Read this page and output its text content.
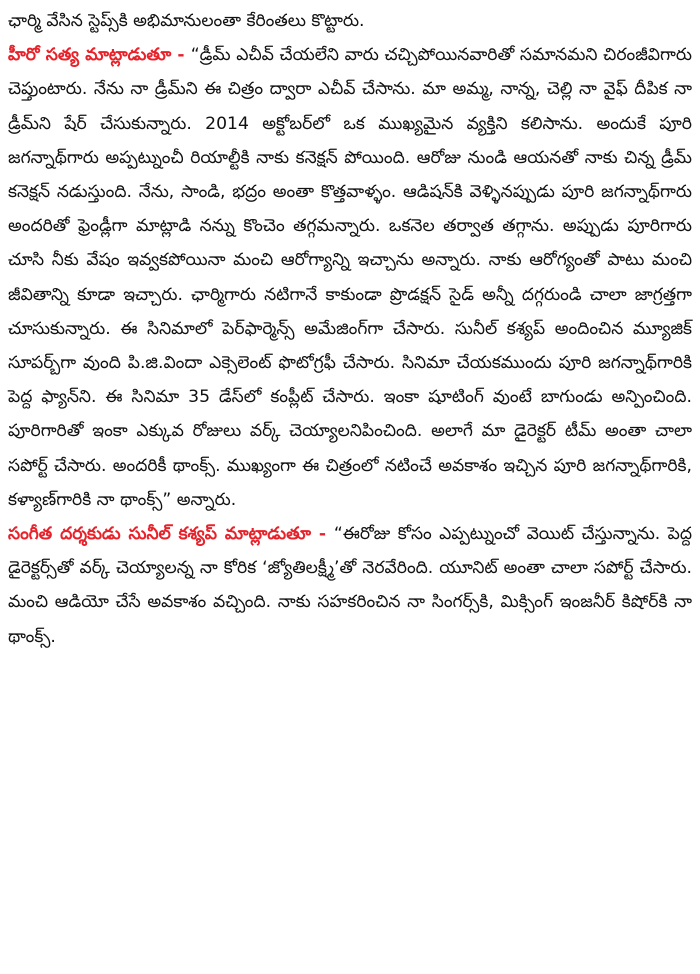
ఛార్మి వేసిన స్టెప్స్‌కి అభిమానులంతా కేరింతలు కొట్టారు.

హీరో సత్య మాట్లాడుతూ - “డ్రీమ్ ఎచీవ్ చేయలేని వారు చచ్చిపోయినవారితో సమానమని చిరంజీవిగారు చెప్తుంటారు. నేను నా డ్రీమ్‌ని ఈ చిత్రం ద్వారా ఎచీవ్ చేసాను. మా అమ్మ, నాన్న, చెల్లి నా వైఫ్ దీపిక నా డ్రీమ్‌ని షేర్ చేసుకున్నారు. 2014 అక్టోబర్‌లో ఒక ముఖ్యమైన వ్యక్తిని కలిసాను. అందుకే పూరి జగన్నాథ్‌గారు అప్పట్నుంచీ రియాల్టీకి నాకు కనెక్షన్ పోయింది. ఆరోజు నుండి ఆయనతో నాకు చిన్న డ్రీమ్ కనెక్షన్ నడుస్తుంది. నేను, సాండి, భద్రం అంతా కొత్తవాళ్ళం. ఆడిషన్‌కి వెళ్ళినప్పుడు పూరి జగన్నాథ్‌గారు అందరితో ఫ్రెండ్లీగా మాట్లాడి నన్ను కొంచెం తగ్గమన్నారు. ఒకనెల తర్వాత తగ్గాను. అప్పుడు పూరిగారు చూసి నీకు వేషం ఇవ్వకపోయినా మంచి ఆరోగ్యాన్ని ఇచ్చాను అన్నారు. నాకు ఆరోగ్యంతో పాటు మంచి జీవితాన్ని కూడా ఇచ్చారు. ఛార్మిగారు నటిగానే కాకుండా ప్రొడక్షన్ సైడ్ అన్నీ దగ్గరుండి చాలా జాగ్రత్తగా చూసుకున్నారు. ఈ సినిమాలో పెర్‌ఫార్మెన్స్ అమేజింగ్‌గా చేసారు. సునీల్ కశ్యప్ అందించిన మ్యూజిక్ సూపర్బ్‌గా వుంది పి.జి.విందా ఎక్సెలెంట్ ఫొటోగ్రఫీ చేసారు. సినిమా చేయకముందు పూరి జగన్నాథ్‌గారికి పెద్ద ఫ్యాన్‌ని. ఈ సినిమా 35 డేస్‌లో కంప్లీట్ చేసారు. ఇంకా షూటింగ్ వుంటే బాగుండు అన్పించింది. పూరిగారితో ఇంకా ఎక్కువ రోజులు వర్క్ చెయ్యాలనిపించింది. అలాగే మా డైరెక్టర్ టీమ్ అంతా చాలా సపోర్ట్ చేసారు. అందరికీ థాంక్స్. ముఖ్యంగా ఈ చిత్రంలో నటించే అవకాశం ఇచ్చిన పూరి జగన్నాథ్‌గారికి, కళ్యాణ్‌గారికి నా థాంక్స్” అన్నారు.

సంగీత దర్శకుడు సునీల్ కశ్యప్ మాట్లాడుతూ - “ఈరోజు కోసం ఎప్పట్నుంచో వెయిట్ చేస్తున్నాను. పెద్ద డైరెక్టర్స్‌తో వర్క్ చెయ్యాలన్న నా కోరిక ‘జ్యోతిలక్ష్మీ’తో నెరవేరింది. యూనిట్ అంతా చాలా సపోర్ట్ చేసారు. మంచి ఆడియో చేసే అవకాశం వచ్చింది. నాకు సహకరించిన నా సింగర్స్‌కి, మిక్సింగ్ ఇంజనీర్ కిషోర్‌కి నా థాంక్స్.
